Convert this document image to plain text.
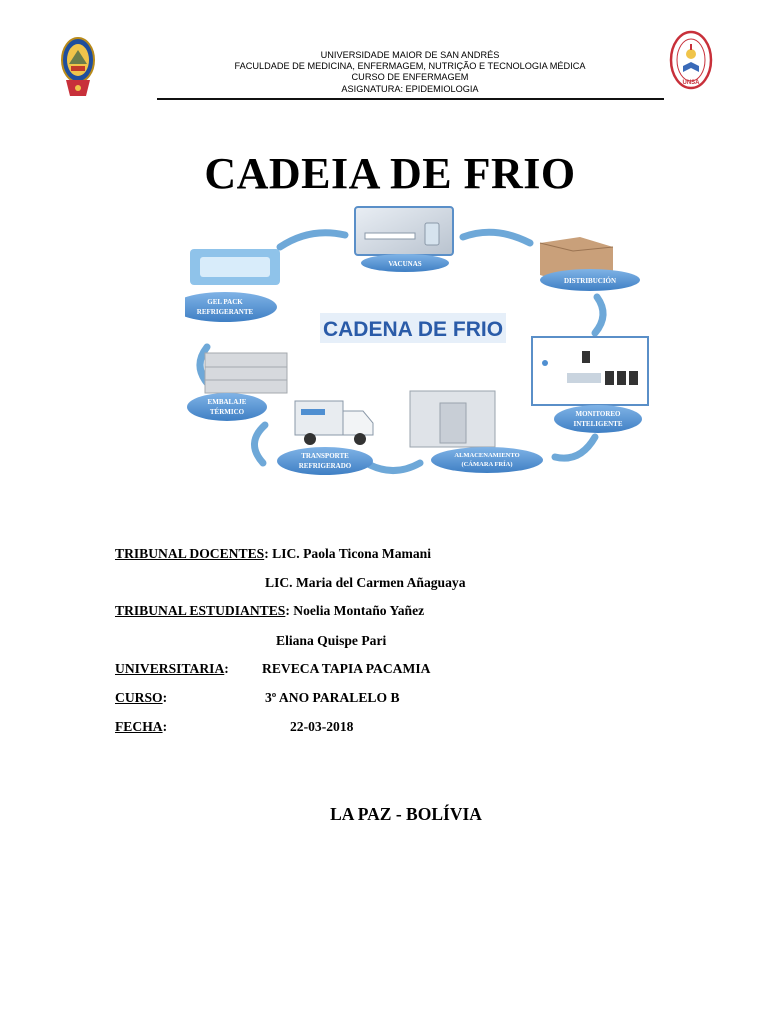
UNIVERSIDADE MAIOR DE SAN ANDRÉS
FACULDADE DE MEDICINA, ENFERMAGEM, NUTRIÇÃO E TECNOLOGIA MÉDICA
CURSO DE ENFERMAGEM
ASIGNATURA: EPIDEMIOLOGIA
UNSA
CADEIA DE FRIO
CADENA DE FRIO
VACUNAS
DISTRIBUCIÓN
GEL PACK
REFRIGERANTE
EMBALAJE
TÉRMICO
TRANSPORTE
REFRIGERADO
ALMACENAMIENTO
(CÁMARA FRÍA)
MONITOREO
INTELIGENTE
TRIBUNAL DOCENTES: LIC. Paola Ticona Mamani
LIC. Maria del Carmen Añaguaya
TRIBUNAL ESTUDIANTES: Noelia Montaño Yañez
Eliana Quispe Pari
UNIVERSITARIA: REVECA TAPIA PACAMIA
CURSO:	3º ANO PARALELO B
FECHA:	22-03-2018
LA PAZ - BOLÍVIA
